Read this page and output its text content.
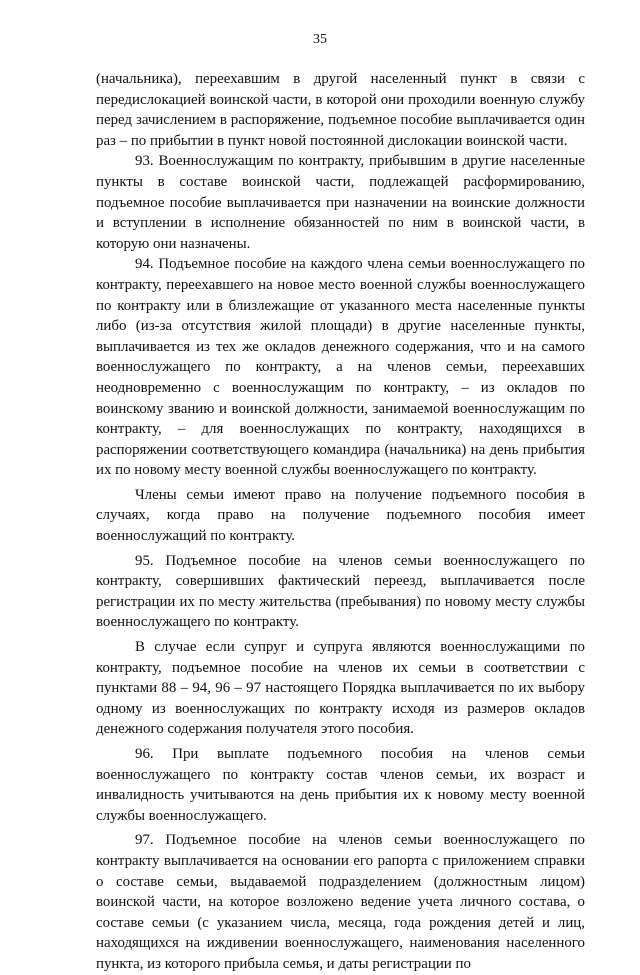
35

(начальника), переехавшим в другой населенный пункт в связи с передислокацией воинской части, в которой они проходили военную службу перед зачислением в распоряжение, подъемное пособие выплачивается один раз – по прибытии в пункт новой постоянной дислокации воинской части.

93. Военнослужащим по контракту, прибывшим в другие населенные пункты в составе воинской части, подлежащей расформированию, подъемное пособие выплачивается при назначении на воинские должности и вступлении в исполнение обязанностей по ним в воинской части, в которую они назначены.

94. Подъемное пособие на каждого члена семьи военнослужащего по контракту, переехавшего на новое место военной службы военнослужащего по контракту или в близлежащие от указанного места населенные пункты либо (из-за отсутствия жилой площади) в другие населенные пункты, выплачивается из тех же окладов денежного содержания, что и на самого военнослужащего по контракту, а на членов семьи, переехавших неодновременно с военнослужащим по контракту, – из окладов по воинскому званию и воинской должности, занимаемой военнослужащим по контракту, – для военнослужащих по контракту, находящихся в распоряжении соответствующего командира (начальника) на день прибытия их по новому месту военной службы военнослужащего по контракту.

Члены семьи имеют право на получение подъемного пособия в случаях, когда право на получение подъемного пособия имеет военнослужащий по контракту.

95. Подъемное пособие на членов семьи военнослужащего по контракту, совершивших фактический переезд, выплачивается после регистрации их по месту жительства (пребывания) по новому месту службы военнослужащего по контракту.

В случае если супруг и супруга являются военнослужащими по контракту, подъемное пособие на членов их семьи в соответствии с пунктами 88 – 94, 96 – 97 настоящего Порядка выплачивается по их выбору одному из военнослужащих по контракту исходя из размеров окладов денежного содержания получателя этого пособия.

96. При выплате подъемного пособия на членов семьи военнослужащего по контракту состав членов семьи, их возраст и инвалидность учитываются на день прибытия их к новому месту военной службы военнослужащего.

97. Подъемное пособие на членов семьи военнослужащего по контракту выплачивается на основании его рапорта с приложением справки о составе семьи, выдаваемой подразделением (должностным лицом) воинской части, на которое возложено ведение учета личного состава, о составе семьи (с указанием числа, месяца, года рождения детей и лиц, находящихся на иждивении военнослужащего, наименования населенного пункта, из которого прибыла семья, и даты регистрации по
